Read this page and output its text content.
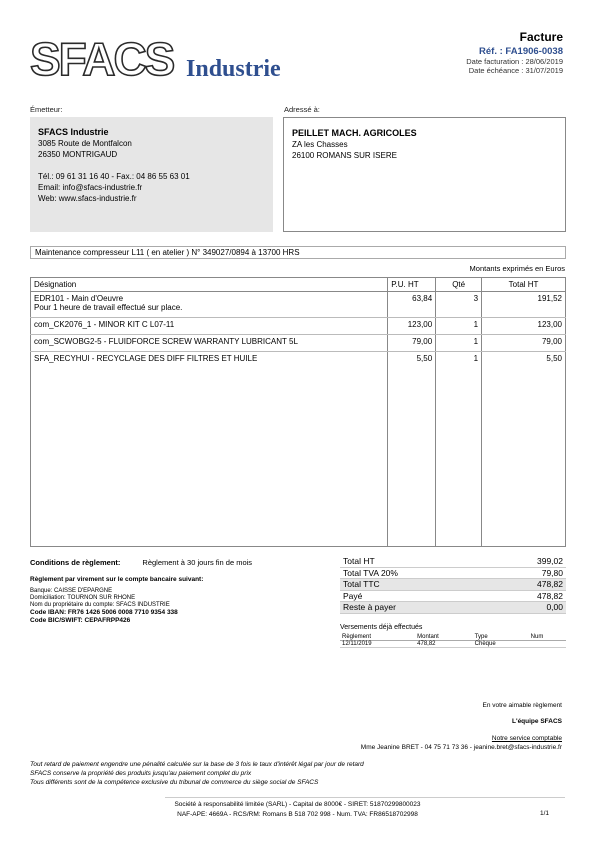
SFACS Industrie
Facture
Réf. : FA1906-0038
Date facturation : 28/06/2019
Date échéance : 31/07/2019
Émetteur:	Adressé à:
SFACS Industrie
3085 Route de Montfalcon
26350 MONTRIGAUD
Tél.: 09 61 31 16 40 - Fax.: 04 86 55 63 01
Email: info@sfacs-industrie.fr
Web: www.sfacs-industrie.fr
PEILLET MACH. AGRICOLES
ZA les Chasses
26100 ROMANS SUR ISERE
Maintenance compresseur L11 ( en atelier ) N° 349027/0894 à 13700 HRS
Montants exprimés en Euros
Désignation	P.U. HT	Qté	Total HT

EDR101 - Main d'Oeuvre
Pour 1 heure de travail effectué sur place.	63,84	3	191,52

com_CK2076_1 - MINOR KIT C L07-11	123,00	1	123,00

com_SCWOBG2-5 - FLUIDFORCE SCREW WARRANTY LUBRICANT 5L	79,00	1	79,00

SFA_RECYHUI - RECYCLAGE DES DIFF FILTRES ET HUILE	5,50	1	5,50
Conditions de règlement:	Règlement à 30 jours fin de mois
Règlement par virement sur le compte bancaire suivant:
Banque: CAISSE D'EPARGNE
Domiciliation: TOURNON SUR RHONE
Nom du propriétaire du compte: SFACS INDUSTRIE
Code IBAN: FR76 1426 5006 0008 7710 9354 338
Code BIC/SWIFT: CEPAFRPP426
Total HT	399,02
Total TVA 20%	79,80
Total TTC	478,82
Payé	478,82
Reste à payer	0,00
Versements déjà effectués
Règlement	Montant	Type	Num
12/11/2019	478,82	Chèque	
En votre aimable règlement
L'équipe SFACS
Notre service comptable
Mme Jeanine BRET - 04 75 71 73 36 - jeanine.bret@sfacs-industrie.fr
Tout retard de paiement engendre une pénalité calculée sur la base de 3 fois le taux d'intérêt légal par jour de retard
SFACS conserve la propriété des produits jusqu'au paiement complet du prix
Tous différents sont de la compétence exclusive du tribunal de commerce du siège social de SFACS
Société à responsabilité limitée (SARL) - Capital de 8000€ - SIRET: 51870299800023
NAF-APE: 4669A - RCS/RM: Romans B 518 702 998 - Num. TVA: FR86518702998	1/1
